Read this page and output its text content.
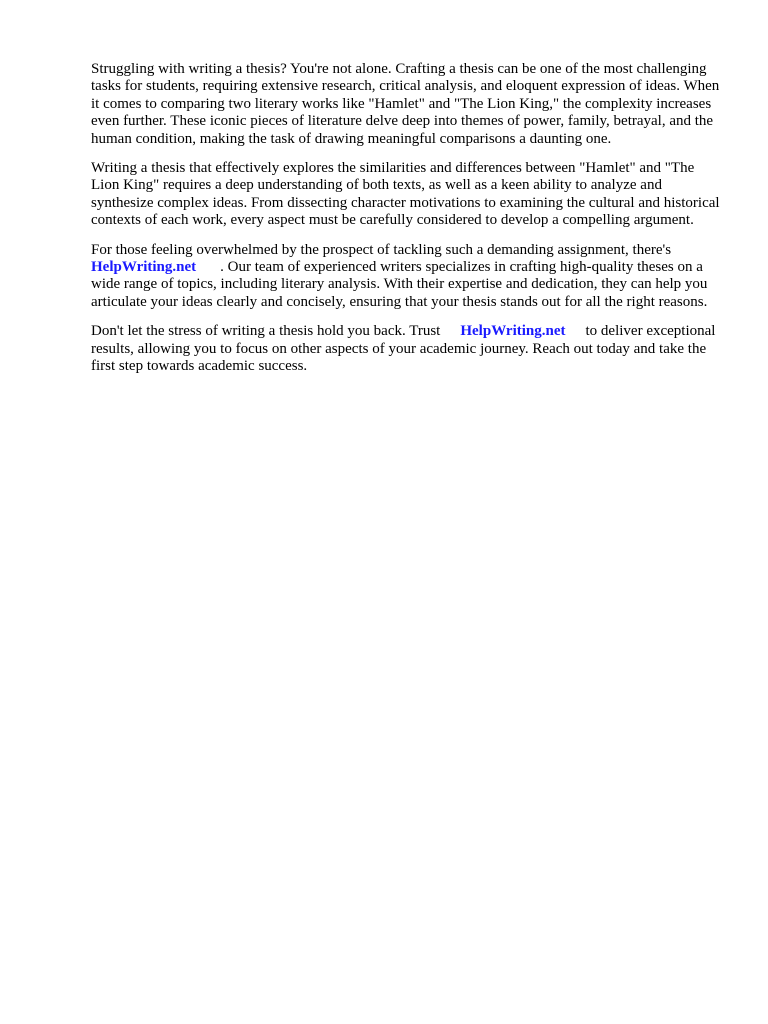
Struggling with writing a thesis? You're not alone. Crafting a thesis can be one of the most challenging tasks for students, requiring extensive research, critical analysis, and eloquent expression of ideas. When it comes to comparing two literary works like "Hamlet" and "The Lion King," the complexity increases even further. These iconic pieces of literature delve deep into themes of power, family, betrayal, and the human condition, making the task of drawing meaningful comparisons a daunting one.

Writing a thesis that effectively explores the similarities and differences between "Hamlet" and "The Lion King" requires a deep understanding of both texts, as well as a keen ability to analyze and synthesize complex ideas. From dissecting character motivations to examining the cultural and historical contexts of each work, every aspect must be carefully considered to develop a compelling argument.

For those feeling overwhelmed by the prospect of tackling such a demanding assignment, there's
HelpWriting.net . Our team of experienced writers specializes in crafting high-quality theses on a wide range of topics, including literary analysis. With their expertise and dedication, they can help you articulate your ideas clearly and concisely, ensuring that your thesis stands out for all the right reasons.

Don't let the stress of writing a thesis hold you back. Trust HelpWriting.net to deliver exceptional results, allowing you to focus on other aspects of your academic journey. Reach out today and take the first step towards academic success.
